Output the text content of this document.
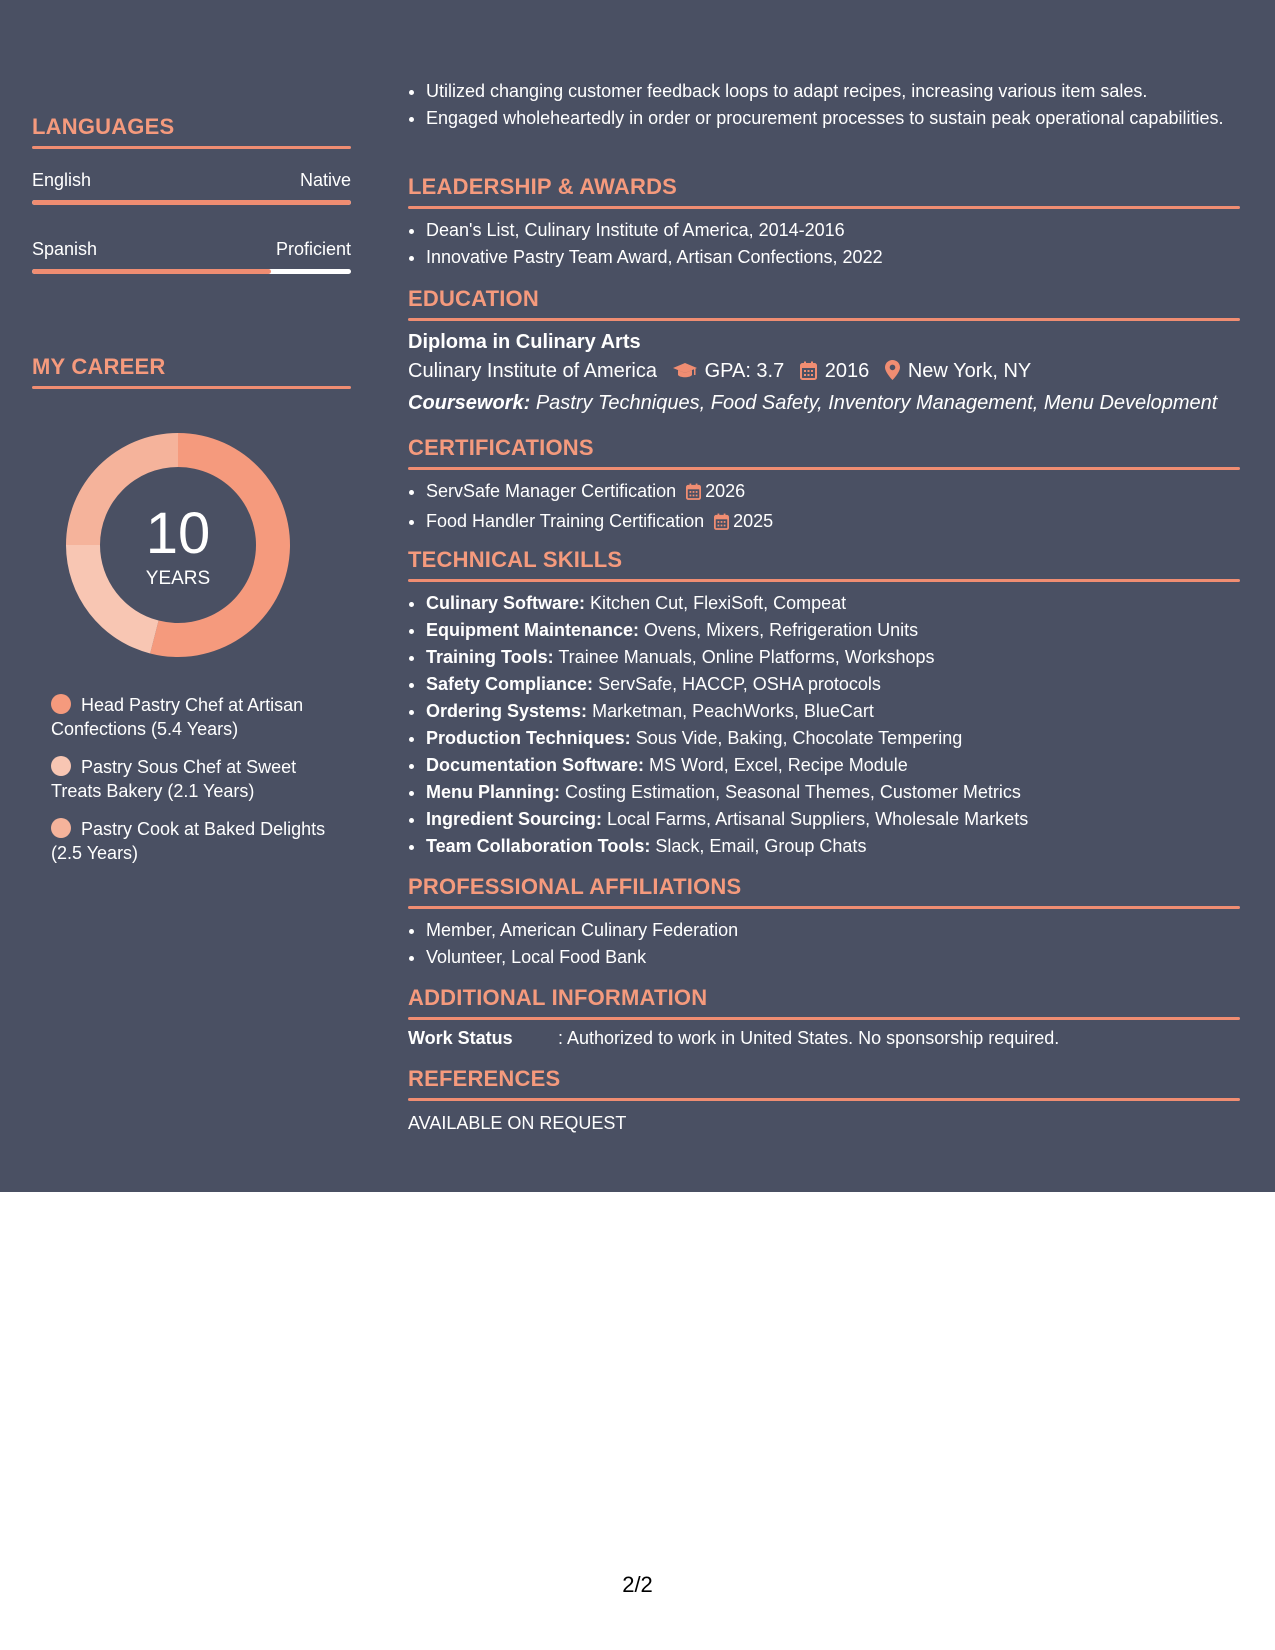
LANGUAGES
English	Native
Spanish	Proficient
MY CAREER
10
YEARS
Head Pastry Chef at Artisan Confections (5.4 Years)
Pastry Sous Chef at Sweet Treats Bakery (2.1 Years)
Pastry Cook at Baked Delights (2.5 Years)
• Utilized changing customer feedback loops to adapt recipes, increasing various item sales.
• Engaged wholeheartedly in order or procurement processes to sustain peak operational capabilities.
LEADERSHIP & AWARDS
• Dean's List, Culinary Institute of America, 2014-2016
• Innovative Pastry Team Award, Artisan Confections, 2022
EDUCATION
Diploma in Culinary Arts
Culinary Institute of America GPA: 3.7 2016 New York, NY
Coursework: Pastry Techniques, Food Safety, Inventory Management, Menu Development
CERTIFICATIONS
• ServSafe Manager Certification 2026
• Food Handler Training Certification 2025
TECHNICAL SKILLS
• Culinary Software: Kitchen Cut, FlexiSoft, Compeat
• Equipment Maintenance: Ovens, Mixers, Refrigeration Units
• Training Tools: Trainee Manuals, Online Platforms, Workshops
• Safety Compliance: ServSafe, HACCP, OSHA protocols
• Ordering Systems: Marketman, PeachWorks, BlueCart
• Production Techniques: Sous Vide, Baking, Chocolate Tempering
• Documentation Software: MS Word, Excel, Recipe Module
• Menu Planning: Costing Estimation, Seasonal Themes, Customer Metrics
• Ingredient Sourcing: Local Farms, Artisanal Suppliers, Wholesale Markets
• Team Collaboration Tools: Slack, Email, Group Chats
PROFESSIONAL AFFILIATIONS
• Member, American Culinary Federation
• Volunteer, Local Food Bank
ADDITIONAL INFORMATION
Work Status	: Authorized to work in United States. No sponsorship required.
REFERENCES
AVAILABLE ON REQUEST
2/2
